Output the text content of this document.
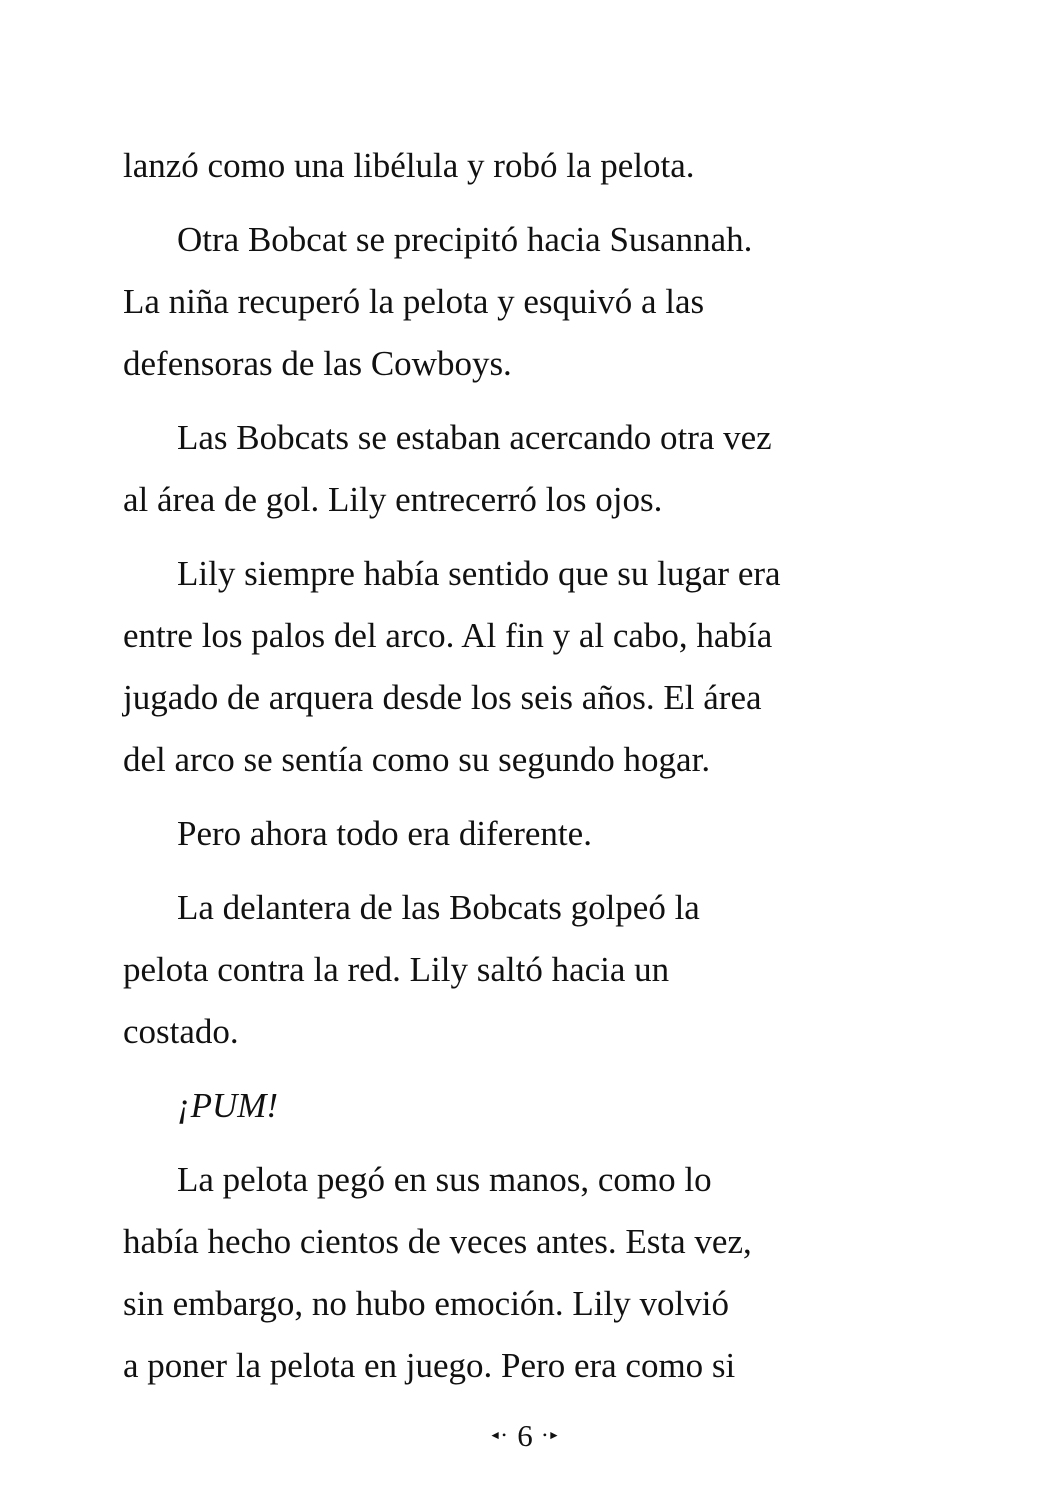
lanzó como una libélula y robó la pelota.

Otra Bobcat se precipitó hacia Susannah.
La niña recuperó la pelota y esquivó a las
defensoras de las Cowboys.

Las Bobcats se estaban acercando otra vez
al área de gol. Lily entrecerró los ojos.

Lily siempre había sentido que su lugar era
entre los palos del arco. Al fin y al cabo, había
jugado de arquera desde los seis años. El área
del arco se sentía como su segundo hogar.

Pero ahora todo era diferente.

La delantera de las Bobcats golpeó la
pelota contra la red. Lily saltó hacia un
costado.

¡PUM!

La pelota pegó en sus manos, como lo
había hecho cientos de veces antes. Esta vez,
sin embargo, no hubo emoción. Lily volvió
a poner la pelota en juego. Pero era como si

◄• 6 •►
